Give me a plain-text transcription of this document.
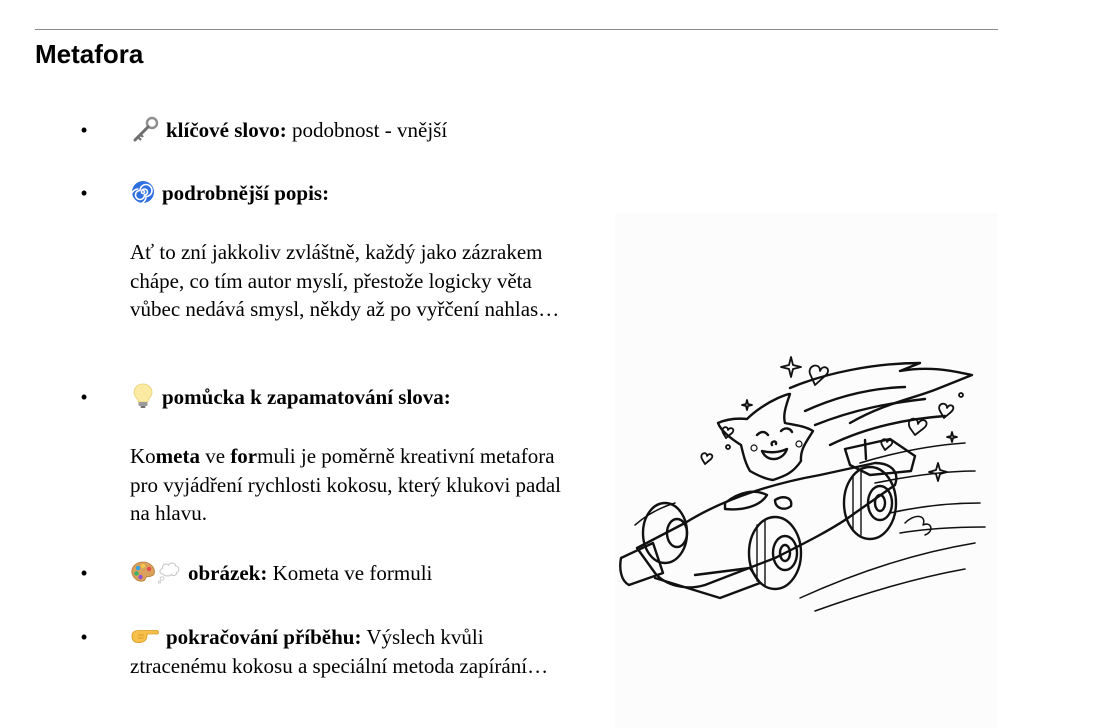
Metafora
•	klíčové slovo: podobnost - vnější
•	podrobnější popis:

Ať to zní jakkoliv zvláštně, každý jako zázrakem chápe, co tím autor myslí, přestože logicky věta vůbec nedává smysl, někdy až po vyřčení nahlas…

•	pomůcka k zapamatování slova:

Kometa ve formuli je poměrně kreativní metafora pro vyjádření rychlosti kokosu, který klukovi padal na hlavu.

•	obrázek: Kometa ve formuli
•	pokračování příběhu: Výslech kvůli ztracenému kokosu a speciální metoda zapírání…
